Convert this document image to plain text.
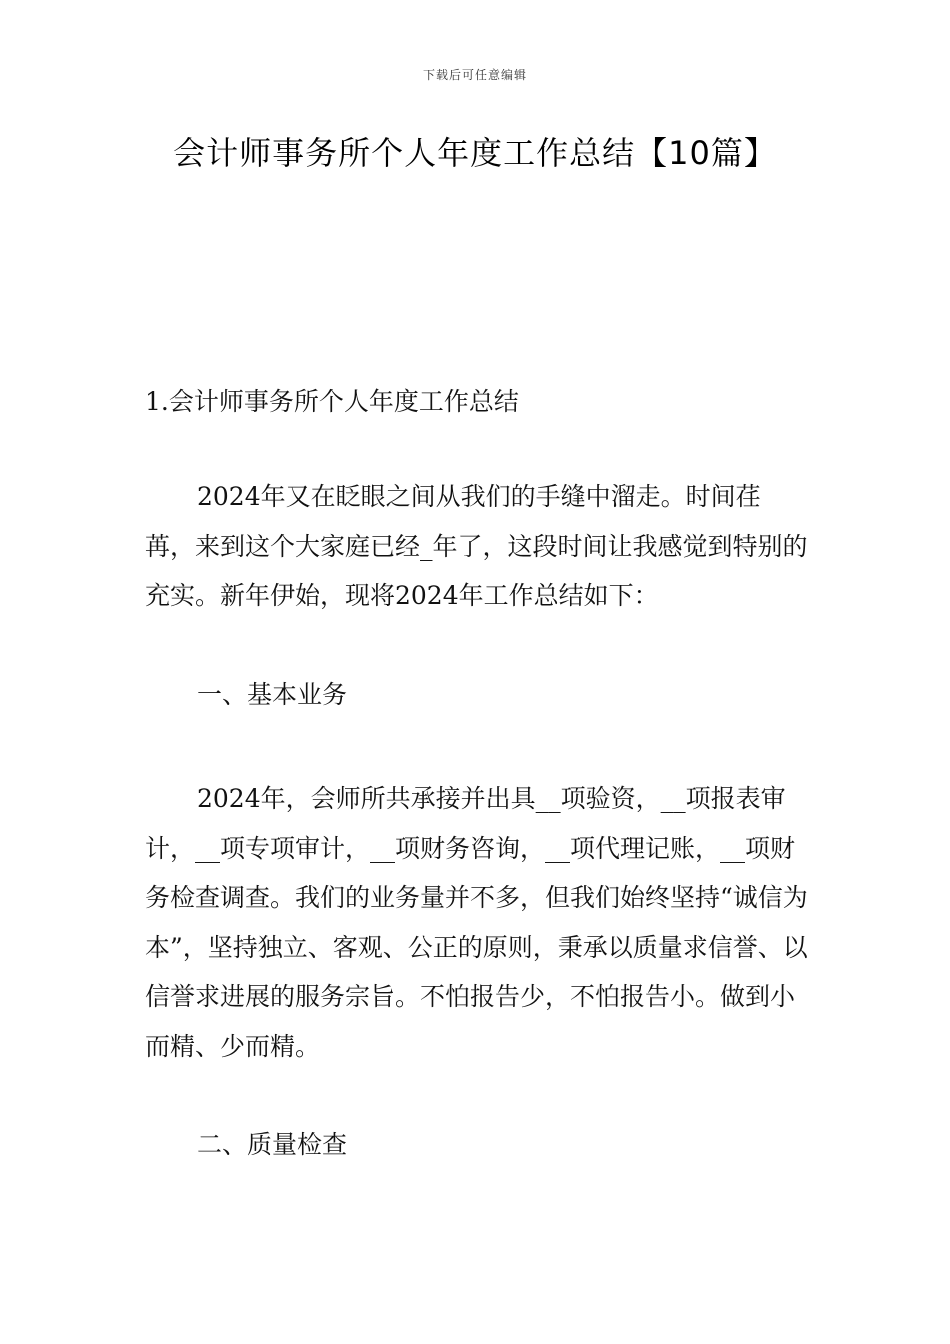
下载后可任意编辑
会计师事务所个人年度工作总结【10篇】

1.会计师事务所个人年度工作总结

2024年又在眨眼之间从我们的手缝中溜走。时间荏苒，来到这个大家庭已经_年了，这段时间让我感觉到特别的充实。新年伊始，现将2024年工作总结如下：

一、基本业务

2024年，会师所共承接并出具__项验资，__项报表审计，__项专项审计，__项财务咨询，__项代理记账，__项财务检查调查。我们的业务量并不多，但我们始终坚持“诚信为本”，坚持独立、客观、公正的原则，秉承以质量求信誉、以信誉求进展的服务宗旨。不怕报告少，不怕报告小。做到小而精、少而精。

二、质量检查
